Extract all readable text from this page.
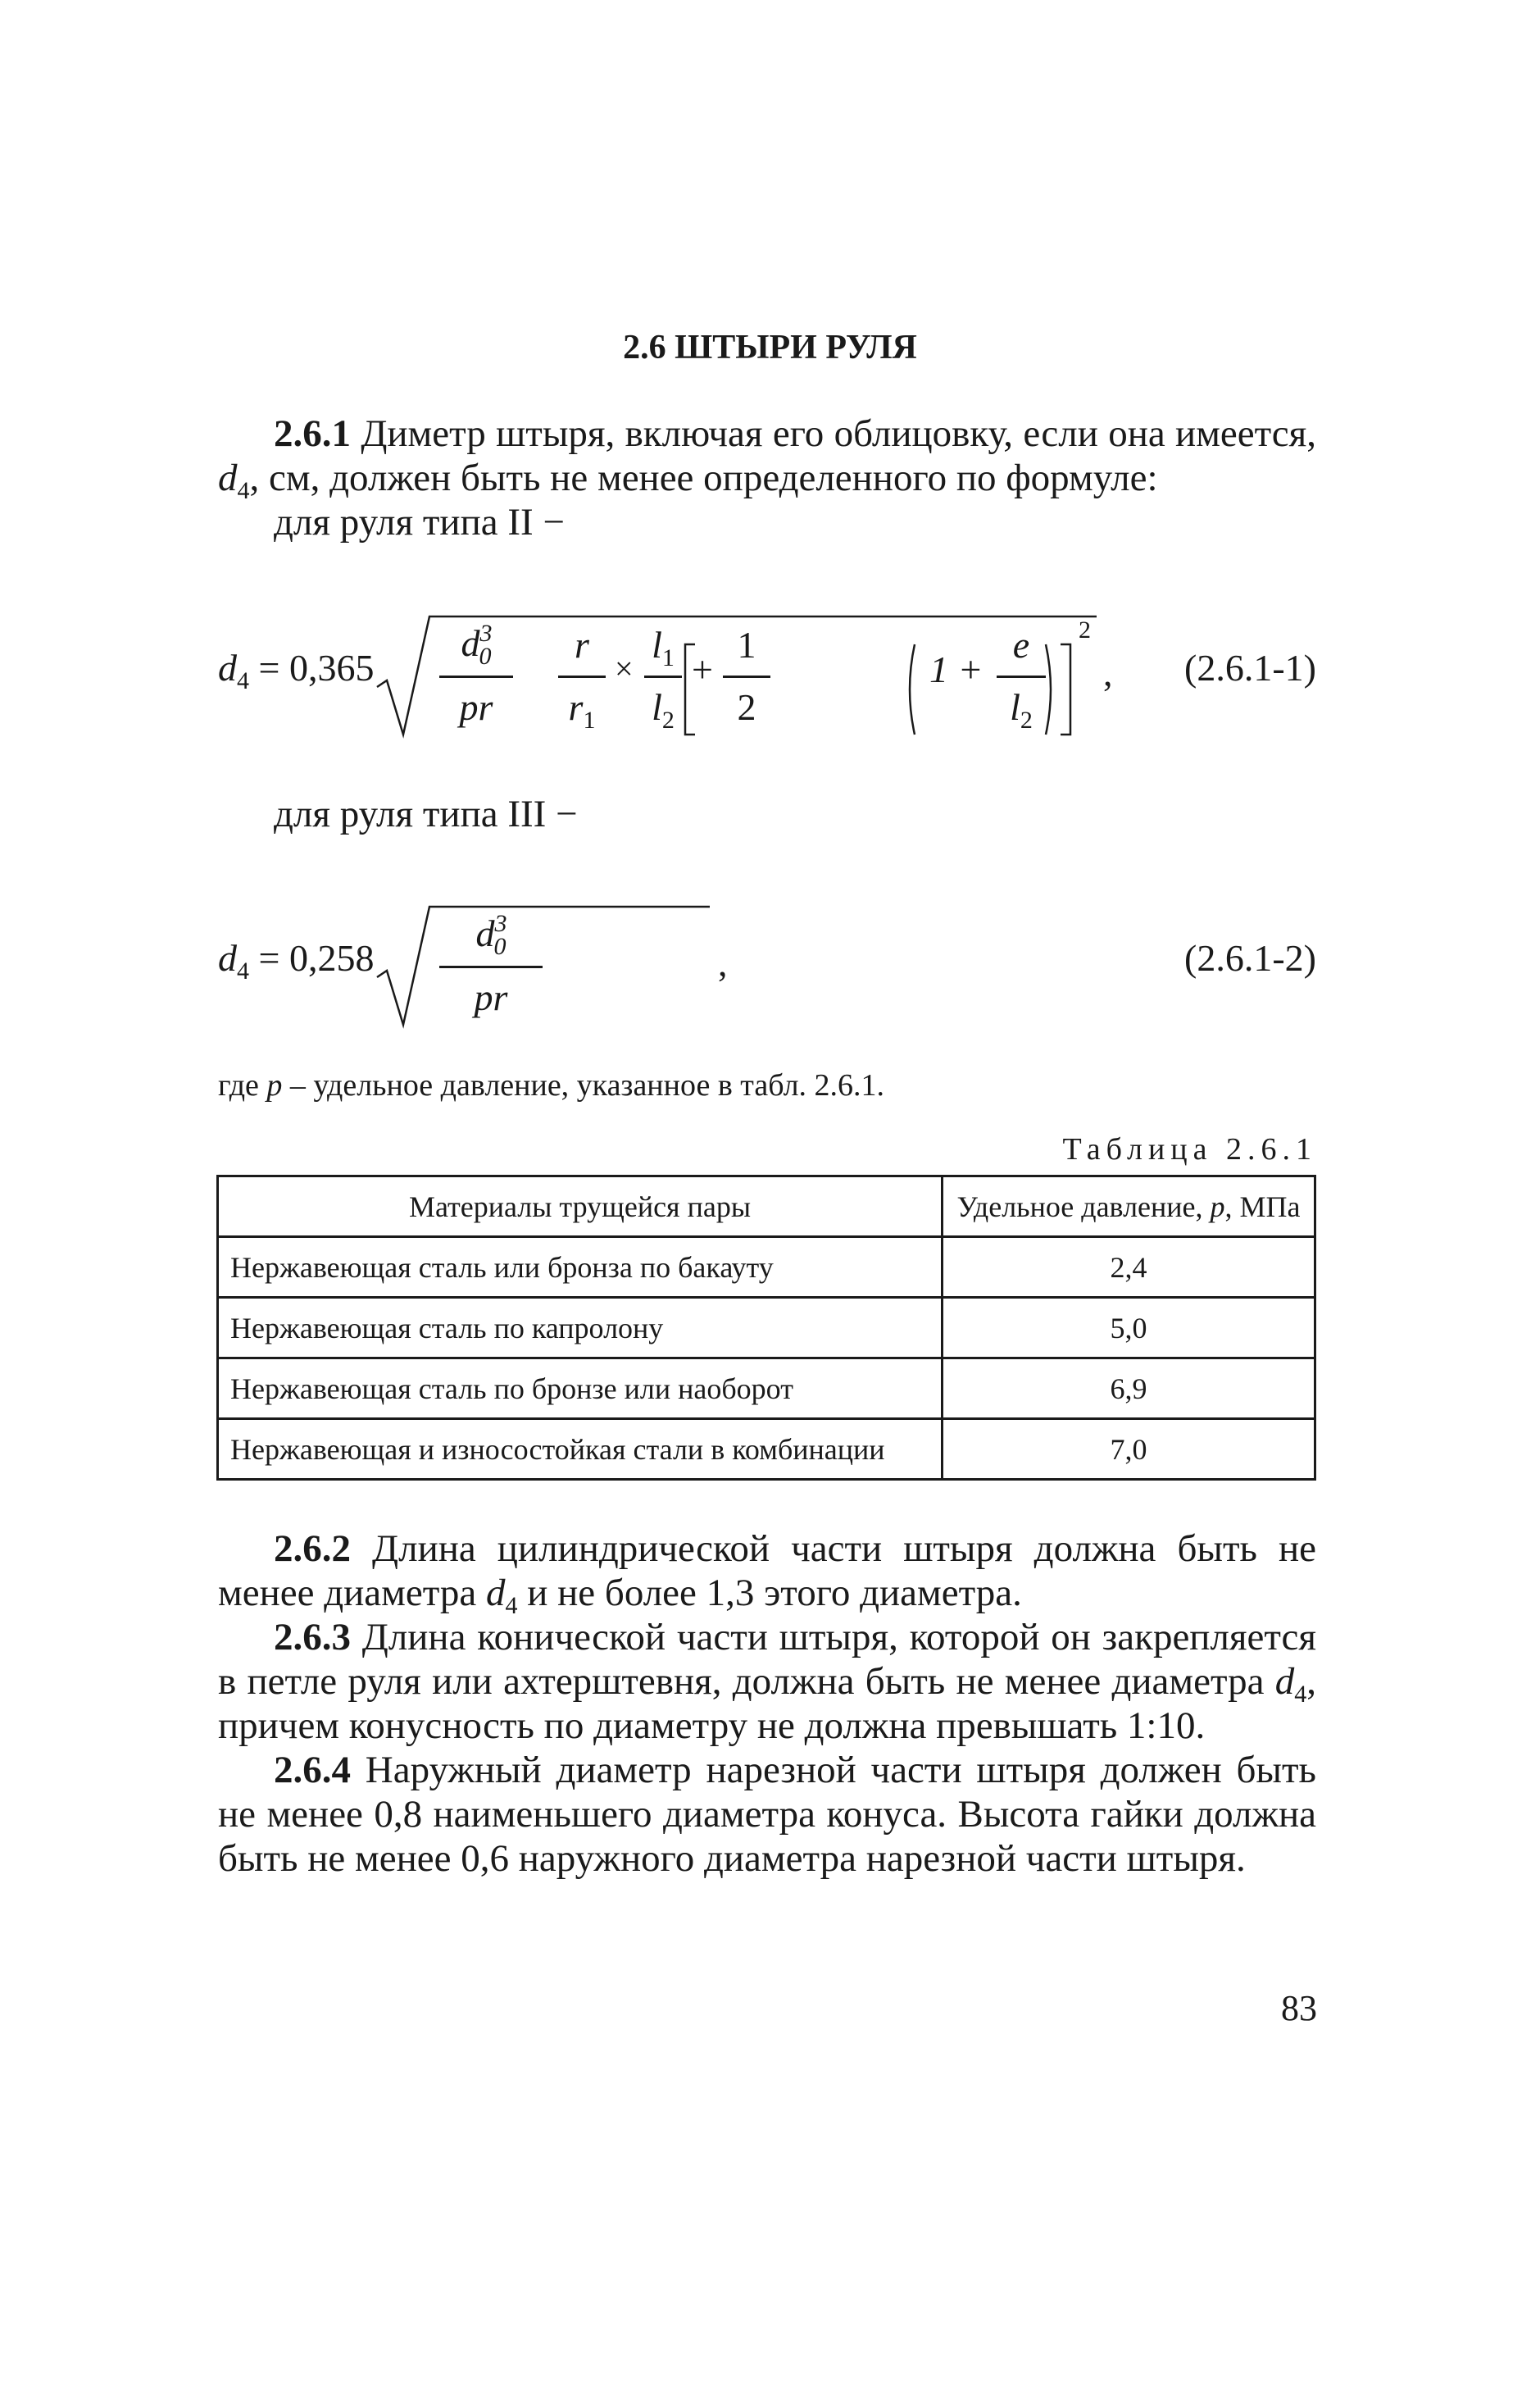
2.6 ШТЫРИ РУЛЯ
2.6.1 Диметр штыря, включая его облицовку, если она имеется, $d_4$, см, должен быть не менее определенного по формуле:
для руля типа II −
$d_4 = 0,365$
$d^3_0$
pr
r
$r_1$
×
$l_1$
$l_2$
+
1
2
1 +
e
$l_2$
2
, (2.6.1-1)
для руля типа III −
$d_4 = 0,258$
$d^3_0$
pr
,	(2.6.1-2)
где p – удельное давление, указанное в табл. 2.6.1.
Таблица 2.6.1
Материалы трущейся пары	Удельное давление, p, МПа
Нержавеющая сталь или бронза по бакауту	2,4
Нержавеющая сталь по капролону	5,0
Нержавеющая сталь по бронзе или наоборот	6,9
Нержавеющая и износостойкая стали в комбинации	7,0
2.6.2 Длина цилиндрической части штыря должна быть не менее диаметра $d_4$ и не более 1,3 этого диаметра.
2.6.3 Длина конической части штыря, которой он закрепляется в петле руля или ахтерштевня, должна быть не менее диаметра $d_4$, причем конусность по диаметру не должна превышать 1:10.
2.6.4 Наружный диаметр нарезной части штыря должен быть не менее 0,8 наименьшего диаметра конуса. Высота гайки должна быть не менее 0,6 наружного диаметра нарезной части штыря.
83
